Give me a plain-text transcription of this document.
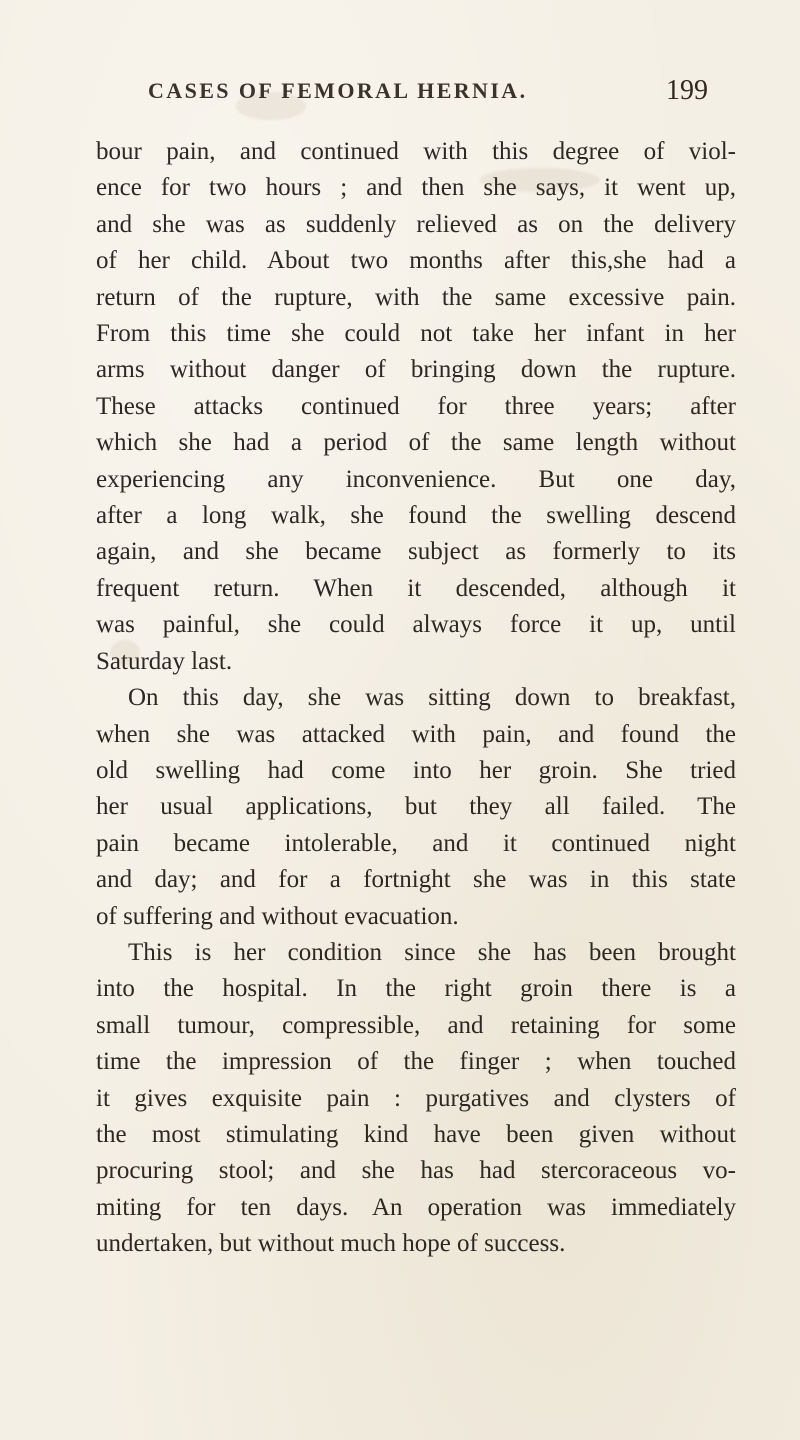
CASES OF FEMORAL HERNIA.	199

bour pain, and continued with this degree of viol-
ence for two hours ; and then she says, it went up,
and she was as suddenly relieved as on the delivery
of her child. About two months after this,she had a
return of the rupture, with the same excessive pain.
From this time she could not take her infant in her
arms without danger of bringing down the rupture.
These attacks continued for three years; after
which she had a period of the same length without
experiencing any inconvenience. But one day,
after a long walk, she found the swelling descend
again, and she became subject as formerly to its
frequent return. When it descended, although it
was painful, she could always force it up, until
Saturday last.

On this day, she was sitting down to breakfast,
when she was attacked with pain, and found the
old swelling had come into her groin. She tried
her usual applications, but they all failed. The
pain became intolerable, and it continued night
and day; and for a fortnight she was in this state
of suffering and without evacuation.

This is her condition since she has been brought
into the hospital. In the right groin there is a
small tumour, compressible, and retaining for some
time the impression of the finger ; when touched
it gives exquisite pain : purgatives and clysters of
the most stimulating kind have been given without
procuring stool; and she has had stercoraceous vo-
miting for ten days. An operation was immediately
undertaken, but without much hope of success.
